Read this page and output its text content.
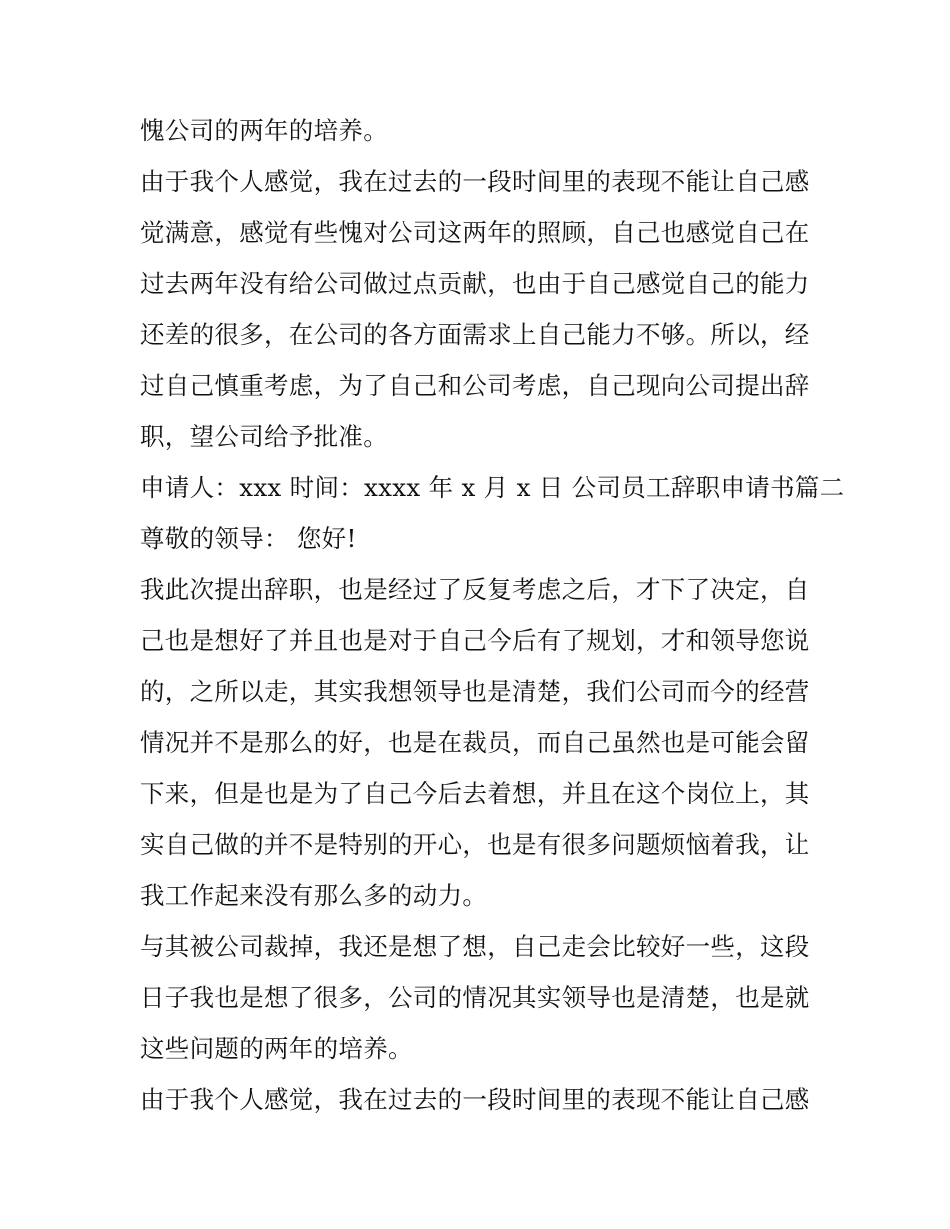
愧公司的两年的培养。
由于我个人感觉，我在过去的一段时间里的表现不能让自己感
觉满意，感觉有些愧对公司这两年的照顾，自己也感觉自己在
过去两年没有给公司做过点贡献，也由于自己感觉自己的能力
还差的很多，在公司的各方面需求上自己能力不够。所以，经
过自己慎重考虑，为了自己和公司考虑，自己现向公司提出辞
职，望公司给予批准。
申请人：xxx 时间：xxxx 年 x 月 x 日 公司员工辞职申请书篇二
尊敬的领导： 您好!
我此次提出辞职，也是经过了反复考虑之后，才下了决定，自
己也是想好了并且也是对于自己今后有了规划，才和领导您说
的，之所以走，其实我想领导也是清楚，我们公司而今的经营
情况并不是那么的好，也是在裁员，而自己虽然也是可能会留
下来，但是也是为了自己今后去着想，并且在这个岗位上，其
实自己做的并不是特别的开心，也是有很多问题烦恼着我，让
我工作起来没有那么多的动力。
与其被公司裁掉，我还是想了想，自己走会比较好一些，这段
日子我也是想了很多，公司的情况其实领导也是清楚，也是就
这些问题的两年的培养。
由于我个人感觉，我在过去的一段时间里的表现不能让自己感
